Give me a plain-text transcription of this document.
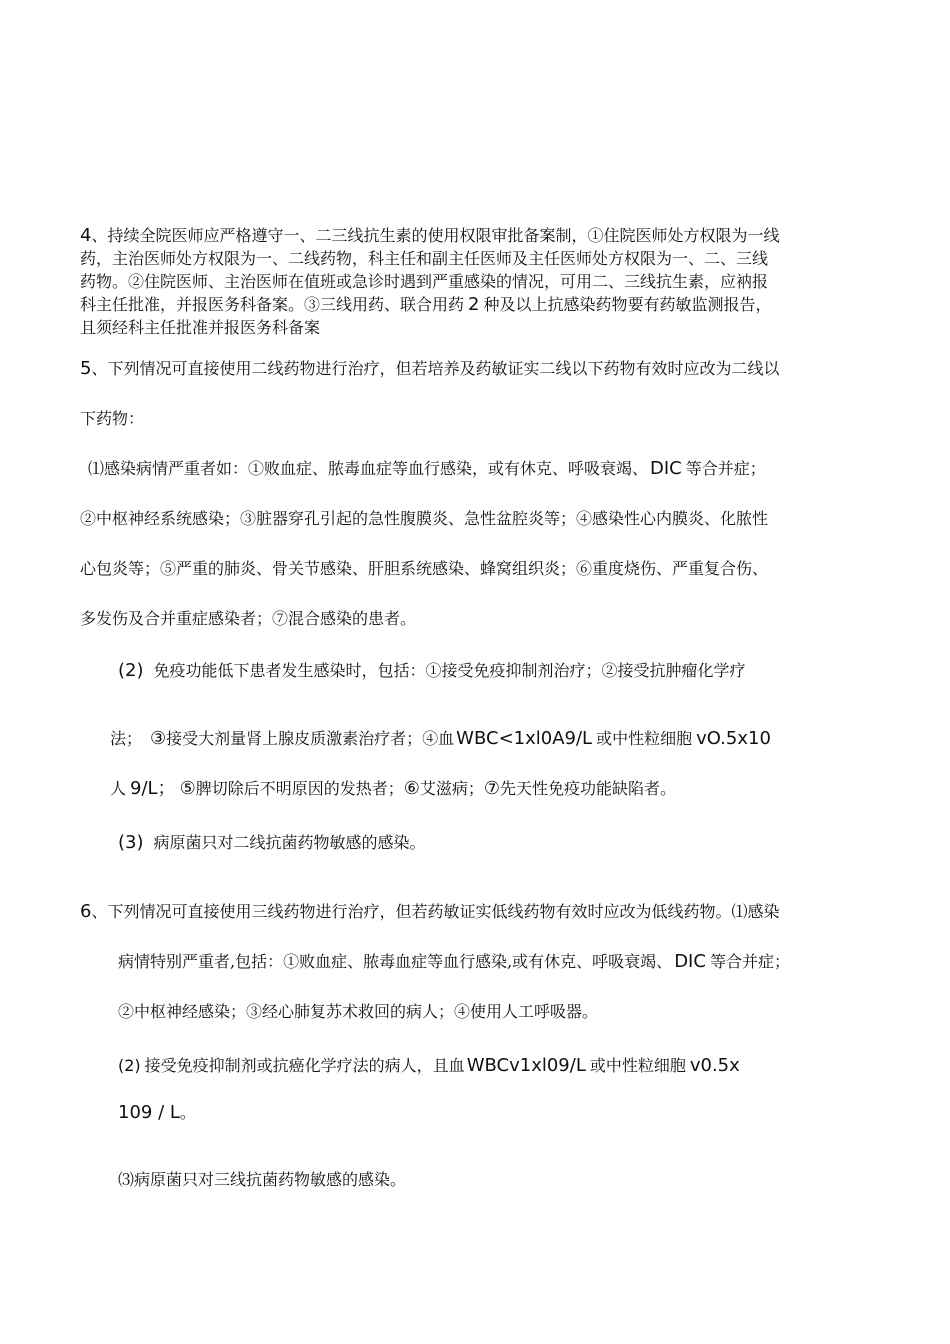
4、持续全院医师应严格遵守一、二三线抗生素的使用权限审批备案制，①住院医师处方权限为一线
药，主治医师处方权限为一、二线药物，科主任和副主任医师及主任医师处方权限为一、二、三线
药物。②住院医师、主治医师在值班或急诊时遇到严重感染的情况，可用二、三线抗生素，应衲报
科主任批准，并报医务科备案。③三线用药、联合用药 2 种及以上抗感染药物要有药敏监测报告，
且须经科主任批准并报医务科备案
5、下列情况可直接使用二线药物进行治疗，但若培养及药敏证实二线以下药物有效时应改为二线以
下药物：
⑴感染病情严重者如：①败血症、脓毒血症等血行感染，或有休克、呼吸衰竭、 DIC 等合并症；
②中枢神经系统感染；③脏器穿孔引起的急性腹膜炎、急性盆腔炎等；④感染性心内膜炎、化脓性
心包炎等；⑤严重的肺炎、骨关节感染、肝胆系统感染、蜂窝组织炎；⑥重度烧伤、严重复合伤、
多发伤及合并重症感染者；⑦混合感染的患者。
(2) 免疫功能低下患者发生感染时，包括：①接受免疫抑制剂治疗；②接受抗肿瘤化学疗
法； ③接受大剂量肾上腺皮质激素治疗者；④血 WBC<1xl0A9/L 或中性粒细胞 vO.5x10
人 9/L； ⑤脾切除后不明原因的发热者；⑥艾滋病；⑦先天性免疫功能缺陷者。
(3) 病原菌只对二线抗菌药物敏感的感染。
6、下列情况可直接使用三线药物进行治疗，但若药敏证实低线药物有效时应改为低线药物。⑴感染
病情特别严重者,包括：①败血症、脓毒血症等血行感染,或有休克、呼吸衰竭、 DIC 等合并症；
②中枢神经感染；③经心肺复苏术救回的病人；④使用人工呼吸器。
(2) 接受免疫抑制剂或抗癌化学疗法的病人，且血 WBCv1xl09/L 或中性粒细胞 v0.5x
109 / L。
⑶病原菌只对三线抗菌药物敏感的感染。
